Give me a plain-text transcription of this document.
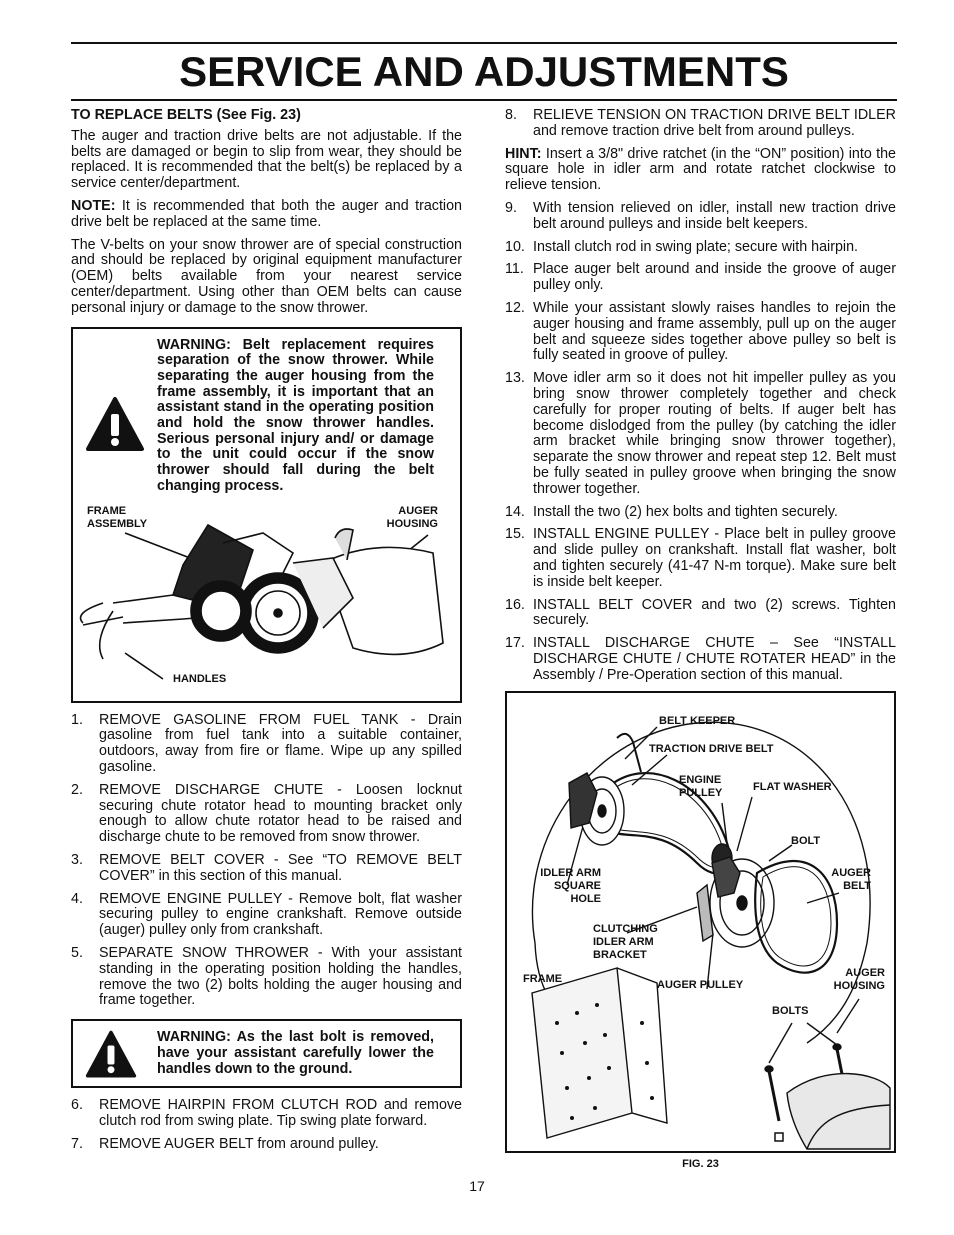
SERVICE AND ADJUSTMENTS

TO REPLACE BELTS (See Fig. 23)

The auger and traction drive belts are not adjustable. If the belts are damaged or begin to slip from wear, they should be replaced. It is recommended that the belt(s) be replaced by a service center/department.

NOTE: It is recommended that both the auger and traction drive belt be replaced at the same time.

The V-belts on your snow thrower are of special construction and should be replaced by original equipment manufacturer (OEM) belts available from your nearest service center/department. Using other than OEM belts can cause personal injury or damage to the snow thrower.

WARNING: Belt replacement requires separation of the snow thrower. While separating the auger housing from the frame assembly, it is important that an assistant stand in the operating position and hold the snow thrower handles. Serious personal injury and/ or damage to the unit could occur if the snow thrower should fall during the belt changing process.
FRAME
ASSEMBLY
AUGER
HOUSING
HANDLES
1. REMOVE GASOLINE FROM FUEL TANK - Drain gasoline from fuel tank into a suitable container, outdoors, away from fire or flame. Wipe up any spilled gasoline.
2. REMOVE DISCHARGE CHUTE - Loosen locknut securing chute rotator head to mounting bracket only enough to allow chute rotator head to be raised and discharge chute to be removed from snow thrower.
3. REMOVE BELT COVER - See “TO REMOVE BELT COVER” in this section of this manual.
4. REMOVE ENGINE PULLEY - Remove bolt, flat washer securing pulley to engine crankshaft. Remove outside (auger) pulley only from crankshaft.
5. SEPARATE SNOW THROWER - With your assistant standing in the operating position holding the handles, remove the two (2) bolts holding the auger housing and frame together.
WARNING: As the last bolt is removed, have your assistant carefully lower the handles down to the ground.
6. REMOVE HAIRPIN FROM CLUTCH ROD and remove clutch rod from swing plate. Tip swing plate forward.
7. REMOVE AUGER BELT from around pulley.
8. RELIEVE TENSION ON TRACTION DRIVE BELT IDLER and remove traction drive belt from around pulleys.

HINT: Insert a 3/8" drive ratchet (in the “ON” position) into the square hole in idler arm and rotate ratchet clockwise to relieve tension.

9. With tension relieved on idler, install new traction drive belt around pulleys and inside belt keepers.
10. Install clutch rod in swing plate; secure with hairpin.
11. Place auger belt around and inside the groove of auger pulley only.
12. While your assistant slowly raises handles to rejoin the auger housing and frame assembly, pull up on the auger belt and squeeze sides together above pulley so belt is fully seated in groove of pulley.
13. Move idler arm so it does not hit impeller pulley as you bring snow thrower completely together and check carefully for proper routing of belts. If auger belt has become dislodged from the pulley (by catching the idler arm bracket while bringing snow thrower together), separate the snow thrower and repeat step 12. Belt must be fully seated in pulley groove when bringing the snow thrower together.
14. Install the two (2) hex bolts and tighten securely.
15. INSTALL ENGINE PULLEY - Place belt in pulley groove and slide pulley on crankshaft. Install flat washer, bolt and tighten securely (41-47 N-m torque). Make sure belt is inside belt keeper.
16. INSTALL BELT COVER and two (2) screws. Tighten securely.
17. INSTALL DISCHARGE CHUTE – See “INSTALL DISCHARGE CHUTE / CHUTE ROTATER HEAD” in the Assembly / Pre-Operation section of this manual.
BELT KEEPER
TRACTION DRIVE BELT
ENGINE
PULLEY	FLAT WASHER
BOLT
IDLER ARM
SQUARE
HOLE
AUGER
BELT
CLUTCHING
IDLER ARM
BRACKET
FRAME	AUGER PULLEY
AUGER
HOUSING
BOLTS
FIG. 23
17
